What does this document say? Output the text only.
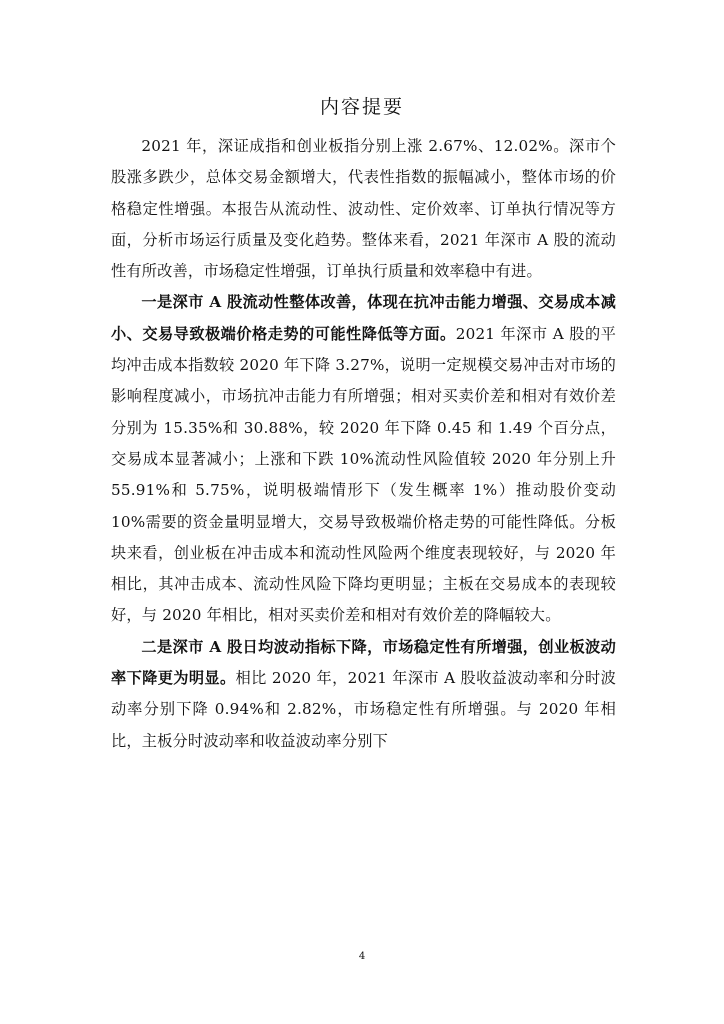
内容提要

2021 年，深证成指和创业板指分别上涨 2.67%、12.02%。深市个股涨多跌少，总体交易金额增大，代表性指数的振幅减小，整体市场的价格稳定性增强。本报告从流动性、波动性、定价效率、订单执行情况等方面，分析市场运行质量及变化趋势。整体来看，2021 年深市 A 股的流动性有所改善，市场稳定性增强，订单执行质量和效率稳中有进。

一是深市 A 股流动性整体改善，体现在抗冲击能力增强、交易成本减小、交易导致极端价格走势的可能性降低等方面。2021 年深市 A 股的平均冲击成本指数较 2020 年下降 3.27%，说明一定规模交易冲击对市场的影响程度减小，市场抗冲击能力有所增强；相对买卖价差和相对有效价差分别为 15.35%和 30.88%，较 2020 年下降 0.45 和 1.49 个百分点，交易成本显著减小；上涨和下跌 10%流动性风险值较 2020 年分别上升 55.91%和 5.75%，说明极端情形下（发生概率 1%）推动股价变动 10%需要的资金量明显增大，交易导致极端价格走势的可能性降低。分板块来看，创业板在冲击成本和流动性风险两个维度表现较好，与 2020 年相比，其冲击成本、流动性风险下降均更明显；主板在交易成本的表现较好，与 2020 年相比，相对买卖价差和相对有效价差的降幅较大。

二是深市 A 股日均波动指标下降，市场稳定性有所增强，创业板波动率下降更为明显。相比 2020 年，2021 年深市 A 股收益波动率和分时波动率分别下降 0.94%和 2.82%，市场稳定性有所增强。与 2020 年相比，主板分时波动率和收益波动率分别下

4
